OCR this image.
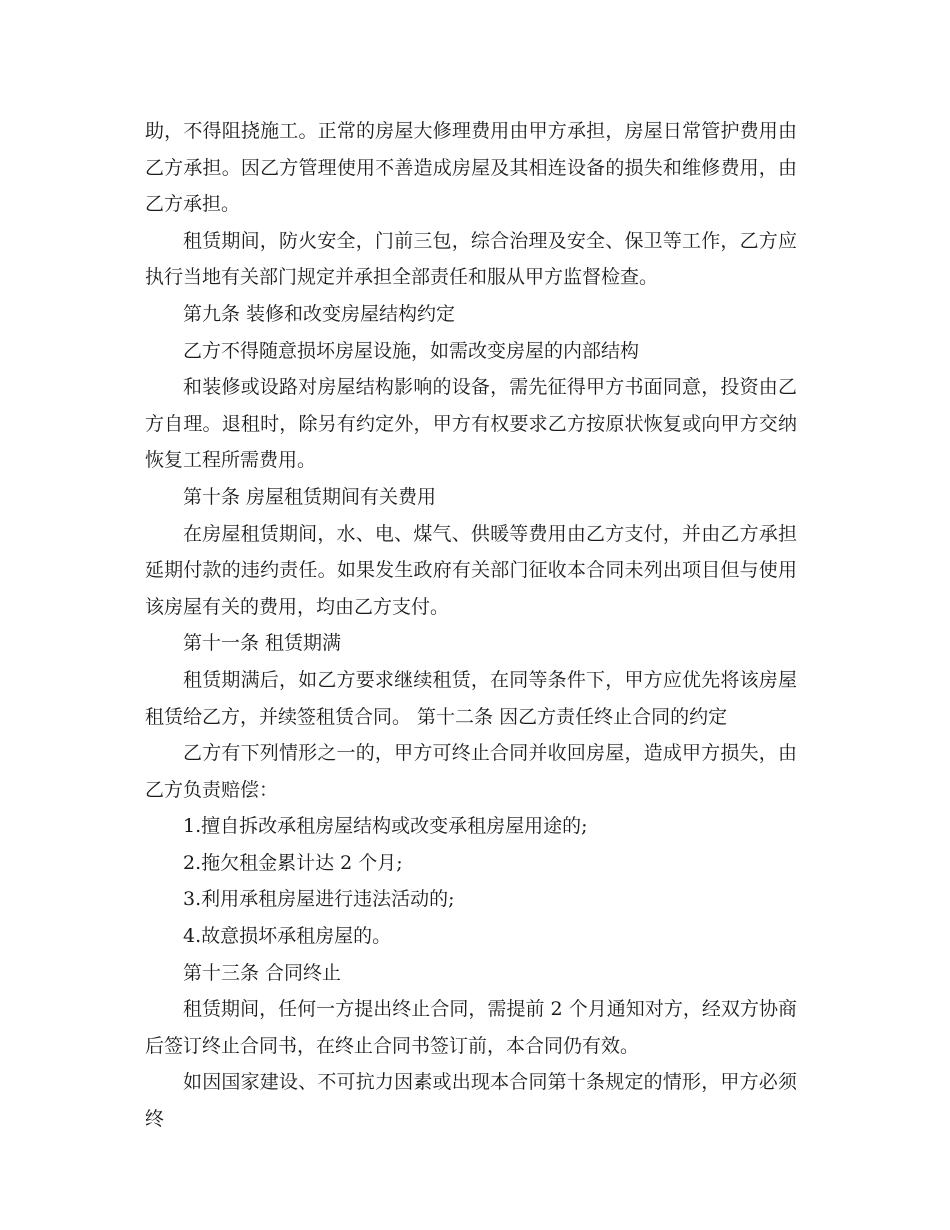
助，不得阻挠施工。正常的房屋大修理费用由甲方承担，房屋日常管护费用由乙方承担。因乙方管理使用不善造成房屋及其相连设备的损失和维修费用，由乙方承担。

租赁期间，防火安全，门前三包，综合治理及安全、保卫等工作，乙方应执行当地有关部门规定并承担全部责任和服从甲方监督检查。

第九条 装修和改变房屋结构约定

乙方不得随意损坏房屋设施，如需改变房屋的内部结构

和装修或设路对房屋结构影响的设备，需先征得甲方书面同意，投资由乙方自理。退租时，除另有约定外，甲方有权要求乙方按原状恢复或向甲方交纳恢复工程所需费用。

第十条 房屋租赁期间有关费用

在房屋租赁期间，水、电、煤气、供暖等费用由乙方支付，并由乙方承担延期付款的违约责任。如果发生政府有关部门征收本合同未列出项目但与使用该房屋有关的费用，均由乙方支付。

第十一条 租赁期满

租赁期满后，如乙方要求继续租赁，在同等条件下，甲方应优先将该房屋租赁给乙方，并续签租赁合同。 第十二条 因乙方责任终止合同的约定

乙方有下列情形之一的，甲方可终止合同并收回房屋，造成甲方损失，由乙方负责赔偿：

1.擅自拆改承租房屋结构或改变承租房屋用途的;

2.拖欠租金累计达 2 个月;

3.利用承租房屋进行违法活动的;

4.故意损坏承租房屋的。

第十三条 合同终止

租赁期间，任何一方提出终止合同，需提前 2 个月通知对方，经双方协商后签订终止合同书，在终止合同书签订前，本合同仍有效。

如因国家建设、不可抗力因素或出现本合同第十条规定的情形，甲方必须终
